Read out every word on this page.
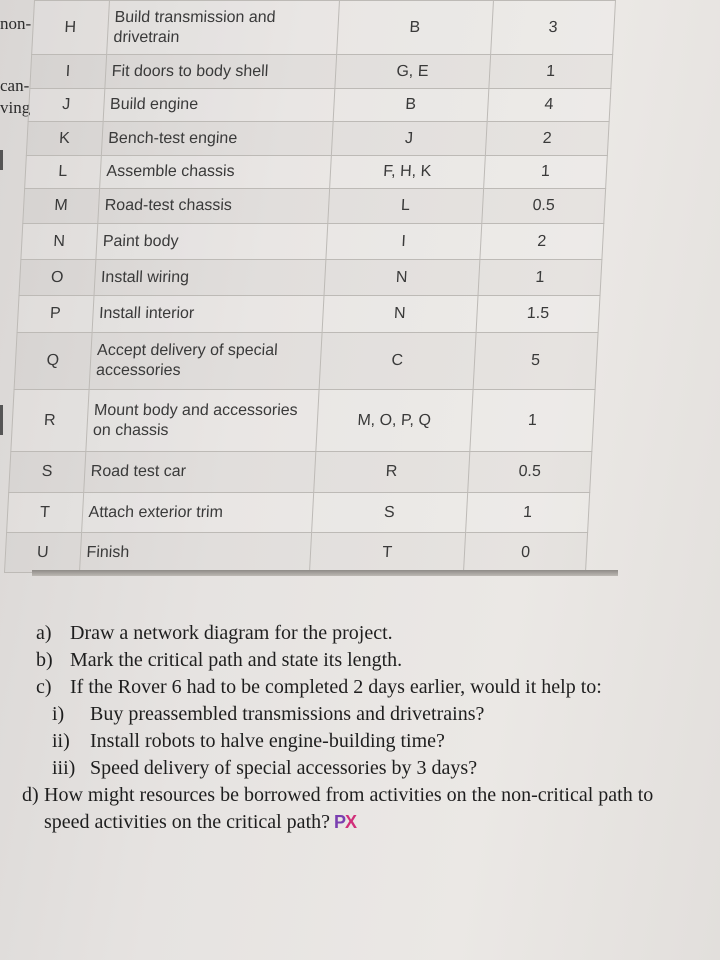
non-
can-
ving
H	Build transmission and drivetrain	B	3
I	Fit doors to body shell	G, E	1
J	Build engine	B	4
K	Bench-test engine	J	2
L	Assemble chassis	F, H, K	1
M	Road-test chassis	L	0.5
N	Paint body	I	2
O	Install wiring	N	1
P	Install interior	N	1.5
Q	Accept delivery of special accessories	C	5
R	Mount body and accessories on chassis	M, O, P, Q	1
S	Road test car	R	0.5
T	Attach exterior trim	S	1
U	Finish	T	0
a) Draw a network diagram for the project.
b) Mark the critical path and state its length.
c) If the Rover 6 had to be completed 2 days earlier, would it help to:
i) Buy preassembled transmissions and drivetrains?
ii) Install robots to halve engine-building time?
iii) Speed delivery of special accessories by 3 days?
d) How might resources be borrowed from activities on the non-critical path to speed activities on the critical path? PX
